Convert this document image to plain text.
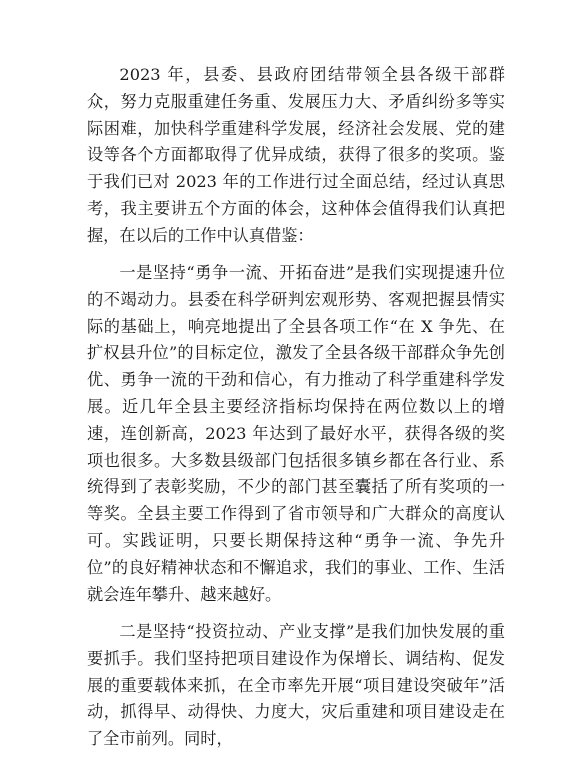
2023 年，县委、县政府团结带领全县各级干部群众，努力克服重建任务重、发展压力大、矛盾纠纷多等实际困难，加快科学重建科学发展，经济社会发展、党的建设等各个方面都取得了优异成绩，获得了很多的奖项。鉴于我们已对 2023 年的工作进行过全面总结，经过认真思考，我主要讲五个方面的体会，这种体会值得我们认真把握，在以后的工作中认真借鉴：

一是坚持“勇争一流、开拓奋进”是我们实现提速升位的不竭动力。县委在科学研判宏观形势、客观把握县情实际的基础上，响亮地提出了全县各项工作“在 X 争先、在扩权县升位”的目标定位，激发了全县各级干部群众争先创优、勇争一流的干劲和信心，有力推动了科学重建科学发展。近几年全县主要经济指标均保持在两位数以上的增速，连创新高，2023 年达到了最好水平，获得各级的奖项也很多。大多数县级部门包括很多镇乡都在各行业、系统得到了表彰奖励，不少的部门甚至囊括了所有奖项的一等奖。全县主要工作得到了省市领导和广大群众的高度认可。实践证明，只要长期保持这种“勇争一流、争先升位”的良好精神状态和不懈追求，我们的事业、工作、生活就会连年攀升、越来越好。

二是坚持“投资拉动、产业支撑”是我们加快发展的重要抓手。我们坚持把项目建设作为保增长、调结构、促发展的重要载体来抓，在全市率先开展“项目建设突破年”活动，抓得早、动得快、力度大，灾后重建和项目建设走在了全市前列。同时，
